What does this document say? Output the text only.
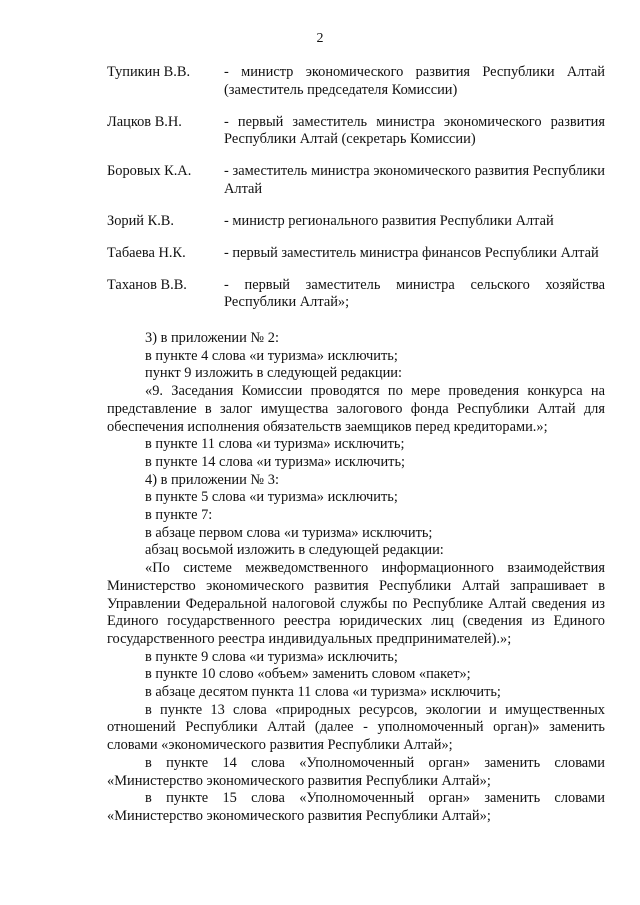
2
Тупикин В.В.	- министр экономического развития Республики Алтай (заместитель председателя Комиссии)
Лацков В.Н.	- первый заместитель министра экономического развития Республики Алтай (секретарь Комиссии)
Боровых К.А.	- заместитель министра экономического развития Республики Алтай
Зорий К.В.	- министр регионального развития Республики Алтай
Табаева Н.К.	- первый заместитель министра финансов Республики Алтай
Таханов В.В.	- первый заместитель министра сельского хозяйства Республики Алтай»;

3) в приложении № 2:

в пункте 4 слова «и туризма» исключить;

пункт 9 изложить в следующей редакции:

«9. Заседания Комиссии проводятся по мере проведения конкурса на представление в залог имущества залогового фонда Республики Алтай для обеспечения исполнения обязательств заемщиков перед кредиторами.»;

в пункте 11 слова «и туризма» исключить;

в пункте 14 слова «и туризма» исключить;

4) в приложении № 3:

в пункте 5 слова «и туризма» исключить;

в пункте 7:

в абзаце первом слова «и туризма» исключить;

абзац восьмой изложить в следующей редакции:

«По системе межведомственного информационного взаимодействия Министерство экономического развития Республики Алтай запрашивает в Управлении Федеральной налоговой службы по Республике Алтай сведения из Единого государственного реестра юридических лиц (сведения из Единого государственного реестра индивидуальных предпринимателей).»;

в пункте 9 слова «и туризма» исключить;

в пункте 10 слово «объем» заменить словом «пакет»;

в абзаце десятом пункта 11 слова «и туризма» исключить;

в пункте 13 слова «природных ресурсов, экологии и имущественных отношений Республики Алтай (далее - уполномоченный орган)» заменить словами «экономического развития Республики Алтай»;

в пункте 14 слова «Уполномоченный орган» заменить словами «Министерство экономического развития Республики Алтай»;

в пункте 15 слова «Уполномоченный орган» заменить словами «Министерство экономического развития Республики Алтай»;
